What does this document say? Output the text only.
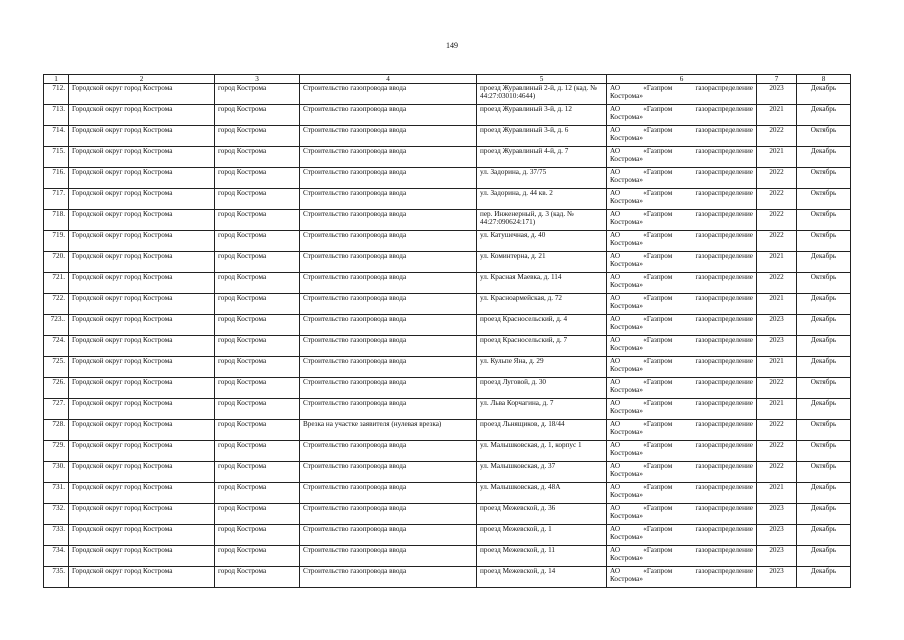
149
1	2	3	4	5	6	7	8
712.	Городской округ город Кострома	город Кострома	Строительство газопровода ввода	проезд Журавлиный 2-й, д. 12 (кад. № 44:27:03010:4644)	АО «Газпром газораспределение
Кострома»	2023	Декабрь
713.	Городской округ город Кострома	город Кострома	Строительство газопровода ввода	проезд Журавлиный 3-й, д. 12	АО «Газпром газораспределение
Кострома»	2021	Декабрь
714.	Городской округ город Кострома	город Кострома	Строительство газопровода ввода	проезд Журавлиный 3-й, д. 6	АО «Газпром газораспределение
Кострома»	2022	Октябрь
715.	Городской округ город Кострома	город Кострома	Строительство газопровода ввода	проезд Журавлиный 4-й, д. 7	АО «Газпром газораспределение
Кострома»	2021	Декабрь
716.	Городской округ город Кострома	город Кострома	Строительство газопровода ввода	ул. Задорина, д. 37/75	АО «Газпром газораспределение
Кострома»	2022	Октябрь
717.	Городской округ город Кострома	город Кострома	Строительство газопровода ввода	ул. Задорина, д. 44 кв. 2	АО «Газпром газораспределение
Кострома»	2022	Октябрь
718.	Городской округ город Кострома	город Кострома	Строительство газопровода ввода	пер. Инженерный, д. 3 (кад. № 44:27:090624:171)	АО «Газпром газораспределение
Кострома»	2022	Октябрь
719.	Городской округ город Кострома	город Кострома	Строительство газопровода ввода	ул. Катушечная, д. 40	АО «Газпром газораспределение
Кострома»	2022	Октябрь
720.	Городской округ город Кострома	город Кострома	Строительство газопровода ввода	ул. Коминтерна, д. 21	АО «Газпром газораспределение
Кострома»	2021	Декабрь
721.	Городской округ город Кострома	город Кострома	Строительство газопровода ввода	ул. Красная Маевка, д. 114	АО «Газпром газораспределение
Кострома»	2022	Октябрь
722.	Городской округ город Кострома	город Кострома	Строительство газопровода ввода	ул. Красноармейская, д. 72	АО «Газпром газораспределение
Кострома»	2021	Декабрь
723..	Городской округ город Кострома	город Кострома	Строительство газопровода ввода	проезд Красносельский, д. 4	АО «Газпром газораспределение
Кострома»	2023	Декабрь
724.	Городской округ город Кострома	город Кострома	Строительство газопровода ввода	проезд Красносельский, д. 7	АО «Газпром газораспределение
Кострома»	2023	Декабрь
725.	Городской округ город Кострома	город Кострома	Строительство газопровода ввода	ул. Кульпе Яна, д. 29	АО «Газпром газораспределение
Кострома»	2021	Декабрь
726.	Городской округ город Кострома	город Кострома	Строительство газопровода ввода	проезд Луговой, д. 30	АО «Газпром газораспределение
Кострома»	2022	Октябрь
727.	Городской округ город Кострома	город Кострома	Строительство газопровода ввода	ул. Льва Корчагина, д. 7	АО «Газпром газораспределение
Кострома»	2021	Декабрь
728.	Городской округ город Кострома	город Кострома	Врезка на участке заявителя (нулевая врезка)	проезд Льнящиков, д. 18/44	АО «Газпром газораспределение
Кострома»	2022	Октябрь
729.	Городской округ город Кострома	город Кострома	Строительство газопровода ввода	ул. Малышковская, д. 1, корпус 1	АО «Газпром газораспределение
Кострома»	2022	Октябрь
730.	Городской округ город Кострома	город Кострома	Строительство газопровода ввода	ул. Малышковская, д. 37	АО «Газпром газораспределение
Кострома»	2022	Октябрь
731.	Городской округ город Кострома	город Кострома	Строительство газопровода ввода	ул. Малышковская, д. 48А	АО «Газпром газораспределение
Кострома»	2021	Декабрь
732.	Городской округ город Кострома	город Кострома	Строительство газопровода ввода	проезд Межевской, д. 36	АО «Газпром газораспределение
Кострома»	2023	Декабрь
733.	Городской округ город Кострома	город Кострома	Строительство газопровода ввода	проезд Межевской, д. 1	АО «Газпром газораспределение
Кострома»	2023	Декабрь
734.	Городской округ город Кострома	город Кострома	Строительство газопровода ввода	проезд Межевской, д. 11	АО «Газпром газораспределение
Кострома»	2023	Декабрь
735.	Городской округ город Кострома	город Кострома	Строительство газопровода ввода	проезд Межевской, д. 14	АО «Газпром газораспределение
Кострома»	2023	Декабрь
